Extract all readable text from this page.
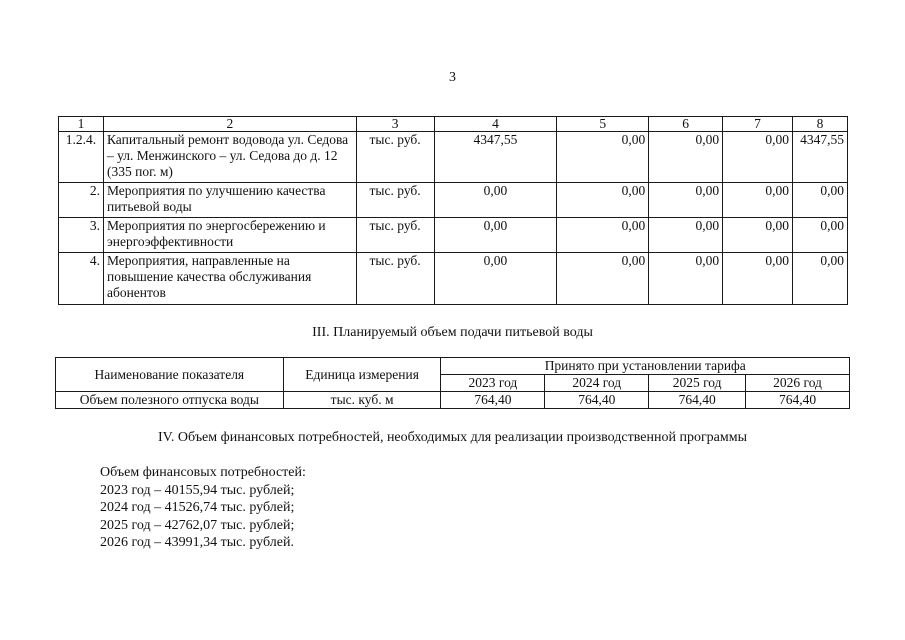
3
1	2	3	4	5	6	7	8
1.2.4.	Капитальный ремонт водовода ул. Седова – ул. Менжинского – ул. Седова до д. 12 (335 пог. м)	тыс. руб.	4347,55	0,00	0,00	0,00	4347,55
2.	Мероприятия по улучшению качества питьевой воды	тыс. руб.	0,00	0,00	0,00	0,00	0,00
3.	Мероприятия по энергосбережению и энергоэффективности	тыс. руб.	0,00	0,00	0,00	0,00	0,00
4.	Мероприятия, направленные на повышение качества обслуживания абонентов	тыс. руб.	0,00	0,00	0,00	0,00	0,00
III. Планируемый объем подачи питьевой воды
Наименование показателя	Единица измерения	Принято при установлении тарифа			
		2023 год	2024 год	2025 год	2026 год
Объем полезного отпуска воды	тыс. куб. м	764,40	764,40	764,40	764,40
IV. Объем финансовых потребностей, необходимых для реализации производственной программы
Объем финансовых потребностей:
2023 год – 40155,94 тыс. рублей;
2024 год – 41526,74 тыс. рублей;
2025 год – 42762,07 тыс. рублей;
2026 год – 43991,34 тыс. рублей.
